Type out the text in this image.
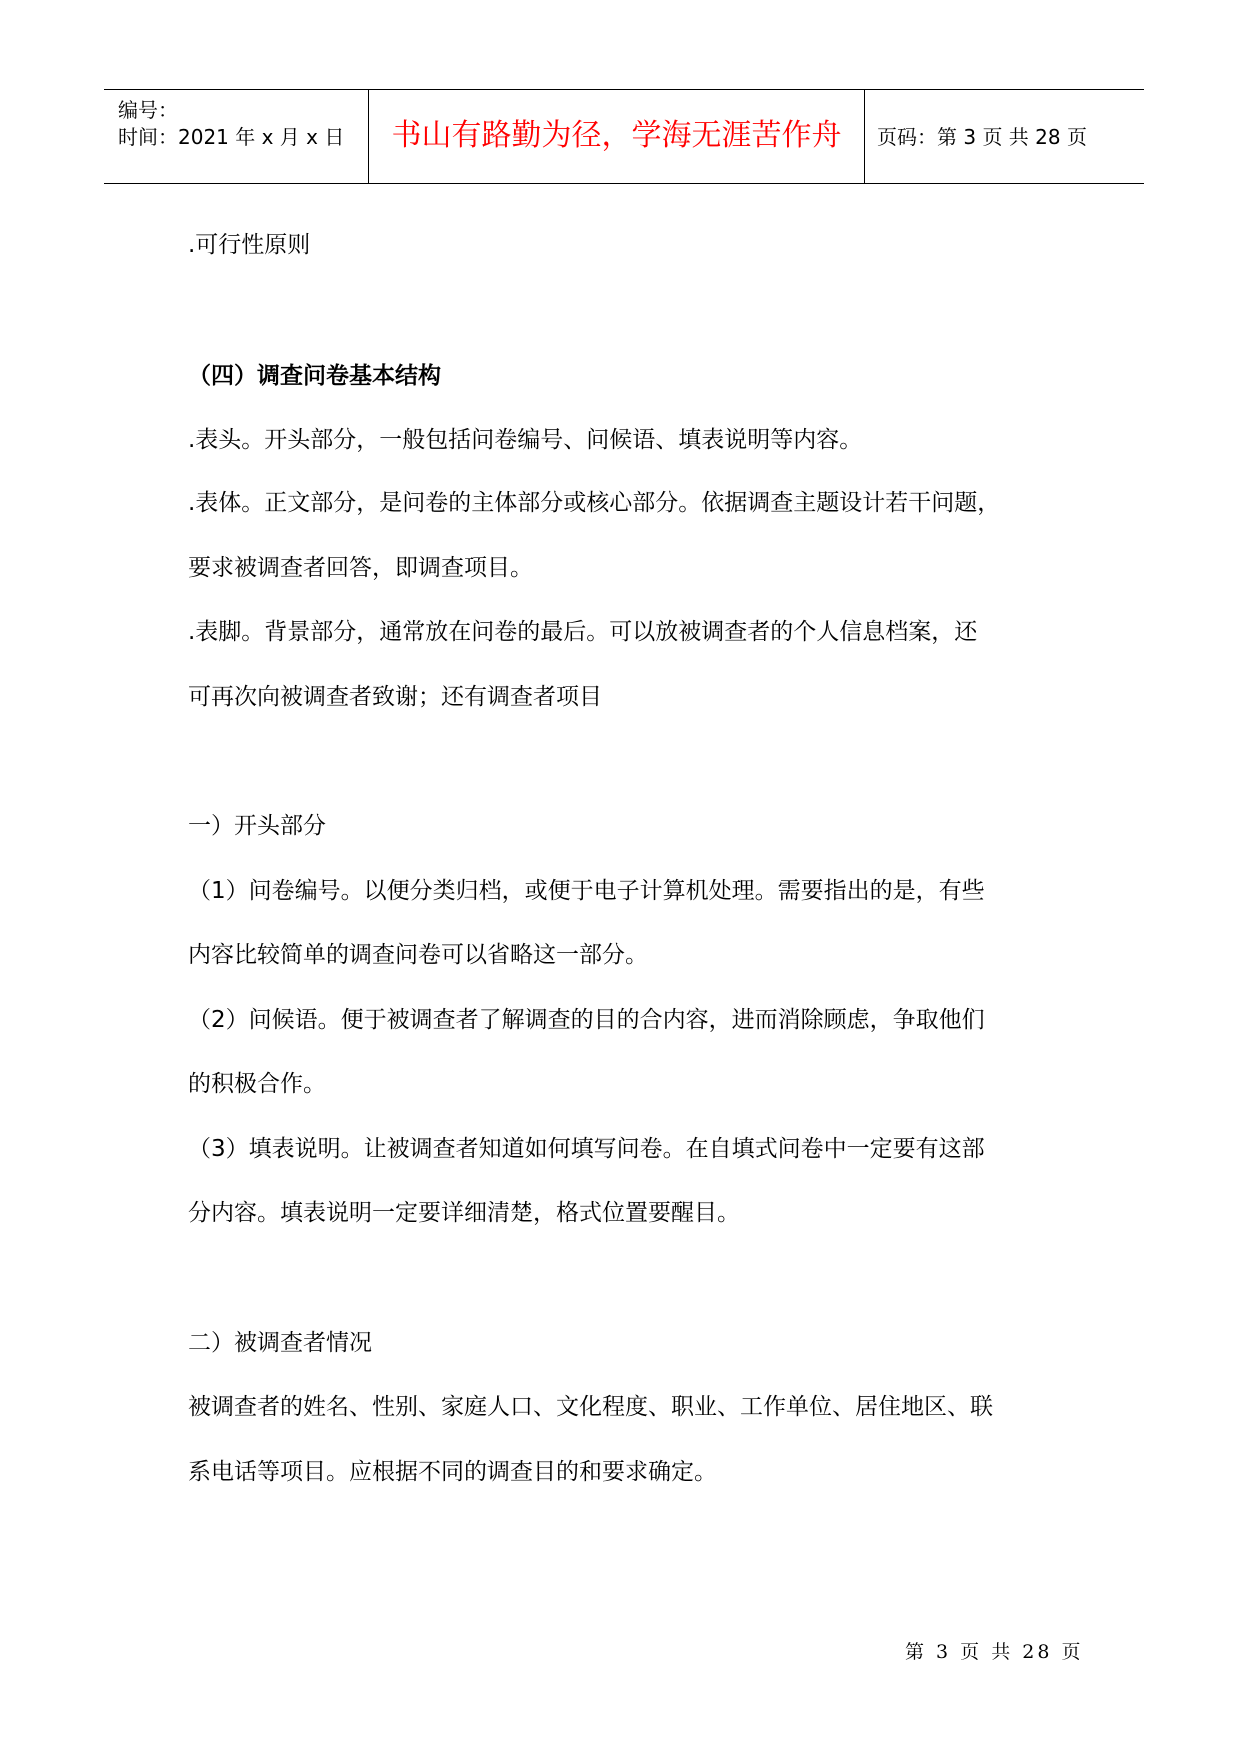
编号：
时间：2021 年 x 月 x 日	书山有路勤为径，学海无涯苦作舟	页码：第 3 页 共 28 页
.可行性原则
（四）调查问卷基本结构
.表头。开头部分，一般包括问卷编号、问候语、填表说明等内容。
.表体。正文部分，是问卷的主体部分或核心部分。依据调查主题设计若干问题，
要求被调查者回答，即调查项目。
.表脚。背景部分，通常放在问卷的最后。可以放被调查者的个人信息档案，还
可再次向被调查者致谢；还有调查者项目
一）开头部分
（1）问卷编号。以便分类归档，或便于电子计算机处理。需要指出的是，有些
内容比较简单的调查问卷可以省略这一部分。
（2）问候语。便于被调查者了解调查的目的合内容，进而消除顾虑，争取他们
的积极合作。
（3）填表说明。让被调查者知道如何填写问卷。在自填式问卷中一定要有这部
分内容。填表说明一定要详细清楚，格式位置要醒目。
二）被调查者情况
被调查者的姓名、性别、家庭人口、文化程度、职业、工作单位、居住地区、联
系电话等项目。应根据不同的调查目的和要求确定。
第 3 页 共 28 页
